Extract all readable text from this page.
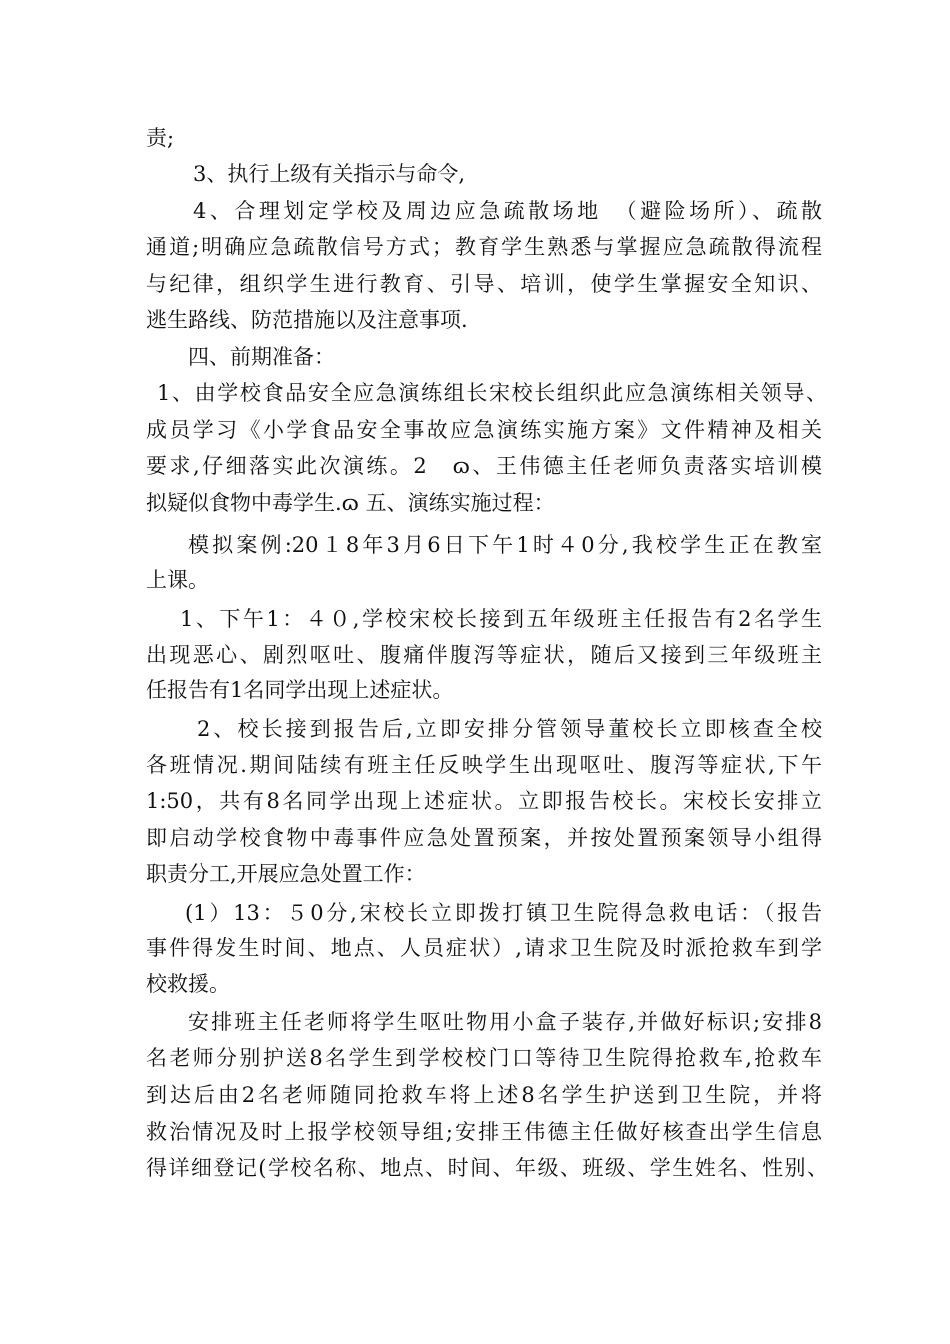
责;
3、执行上级有关指示与命令,
4、合理划定学校及周边应急疏散场地　（避险场所）、疏散
通道;明确应急疏散信号方式；教育学生熟悉与掌握应急疏散得流程
与纪律，组织学生进行教育、引导、培训，使学生掌握安全知识、
逃生路线、防范措施以及注意事项.
四、前期准备：
1、由学校食品安全应急演练组长宋校长组织此应急演练相关领导、
成员学习《小学食品安全事故应急演练实施方案》文件精神及相关
要求,仔细落实此次演练。2　ɷ、王伟德主任老师负责落实培训模
拟疑似食物中毒学生.ɷ 五、演练实施过程：
模拟案例:20１8年3月6日下午1时４0分,我校学生正在教室
上课。
1、下午1：４０,学校宋校长接到五年级班主任报告有2名学生
出现恶心、剧烈呕吐、腹痛伴腹泻等症状，随后又接到三年级班主
任报告有1名同学出现上述症状。
2、校长接到报告后,立即安排分管领导董校长立即核查全校
各班情况.期间陆续有班主任反映学生出现呕吐、腹泻等症状,下午
1:50，共有8名同学出现上述症状。立即报告校长。宋校长安排立
即启动学校食物中毒事件应急处置预案，并按处置预案领导小组得
职责分工,开展应急处置工作：
(1）13：５0分,宋校长立即拨打镇卫生院得急救电话：（报告
事件得发生时间、地点、人员症状）,请求卫生院及时派抢救车到学
校救援。
安排班主任老师将学生呕吐物用小盒子装存,并做好标识;安排8
名老师分别护送8名学生到学校校门口等待卫生院得抢救车,抢救车
到达后由2名老师随同抢救车将上述8名学生护送到卫生院，并将
救治情况及时上报学校领导组;安排王伟德主任做好核查出学生信息
得详细登记(学校名称、地点、时间、年级、班级、学生姓名、性别、
